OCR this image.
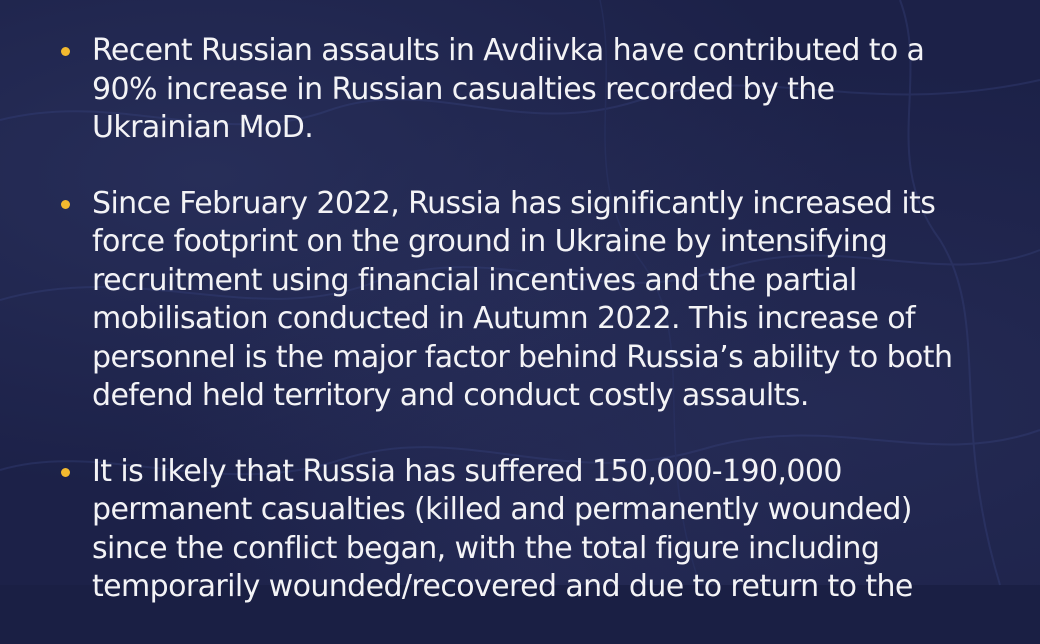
Recent Russian assaults in Avdiivka have contributed to a 90% increase in Russian casualties recorded by the Ukrainian MoD.
Since February 2022, Russia has significantly increased its force footprint on the ground in Ukraine by intensifying recruitment using financial incentives and the partial mobilisation conducted in Autumn 2022. This increase of personnel is the major factor behind Russia’s ability to both defend held territory and conduct costly assaults.
It is likely that Russia has suffered 150,000-190,000 permanent casualties (killed and permanently wounded) since the conflict began, with the total figure including temporarily wounded/recovered and due to return to the
